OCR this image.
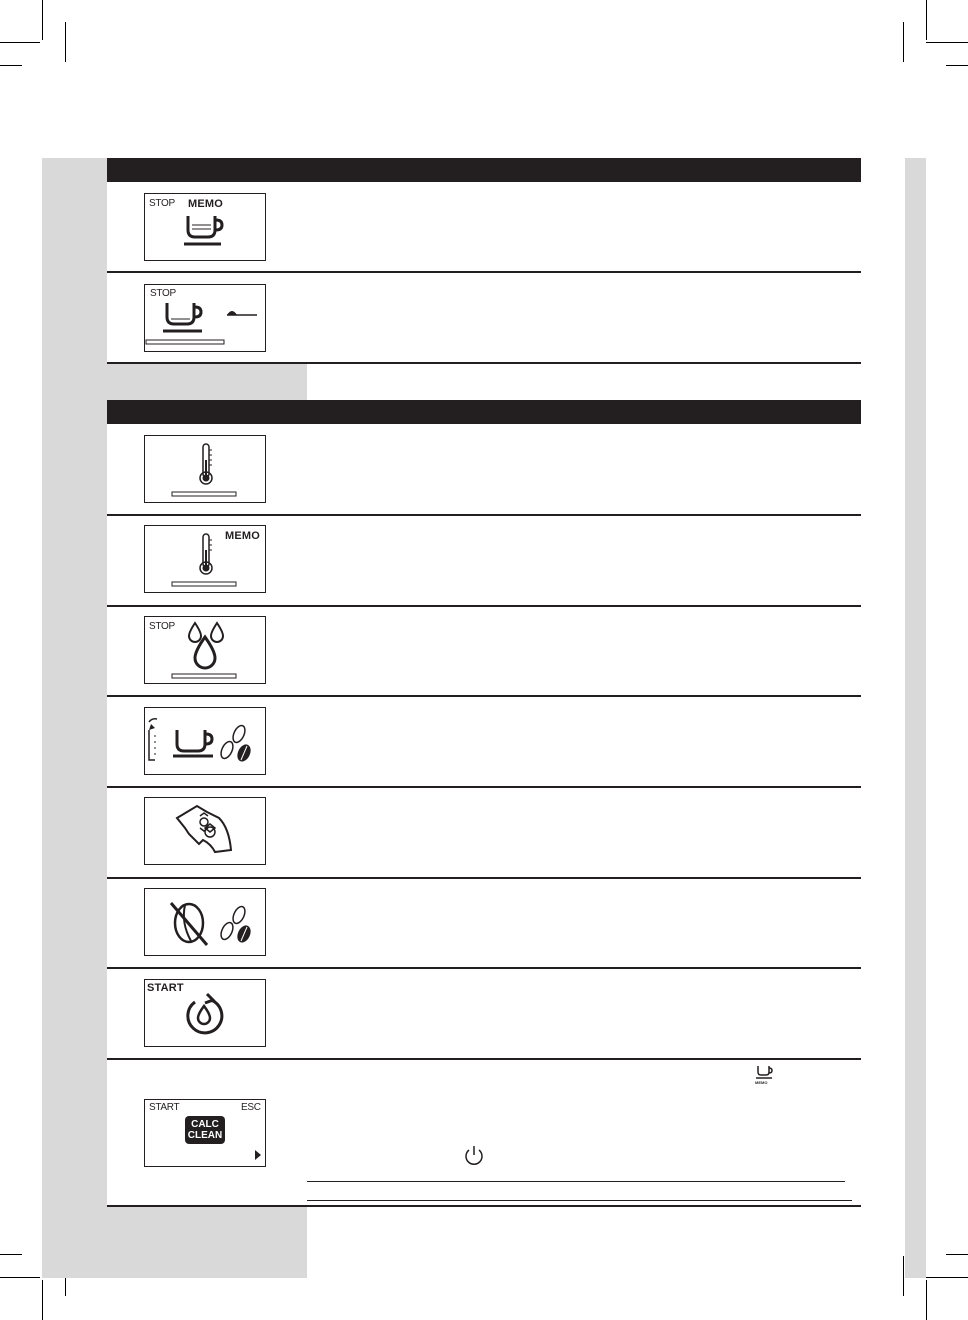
STOP MEMO
STOP
MEMO
STOP
START
START	ESC
CALC
CLEAN
MEMO
